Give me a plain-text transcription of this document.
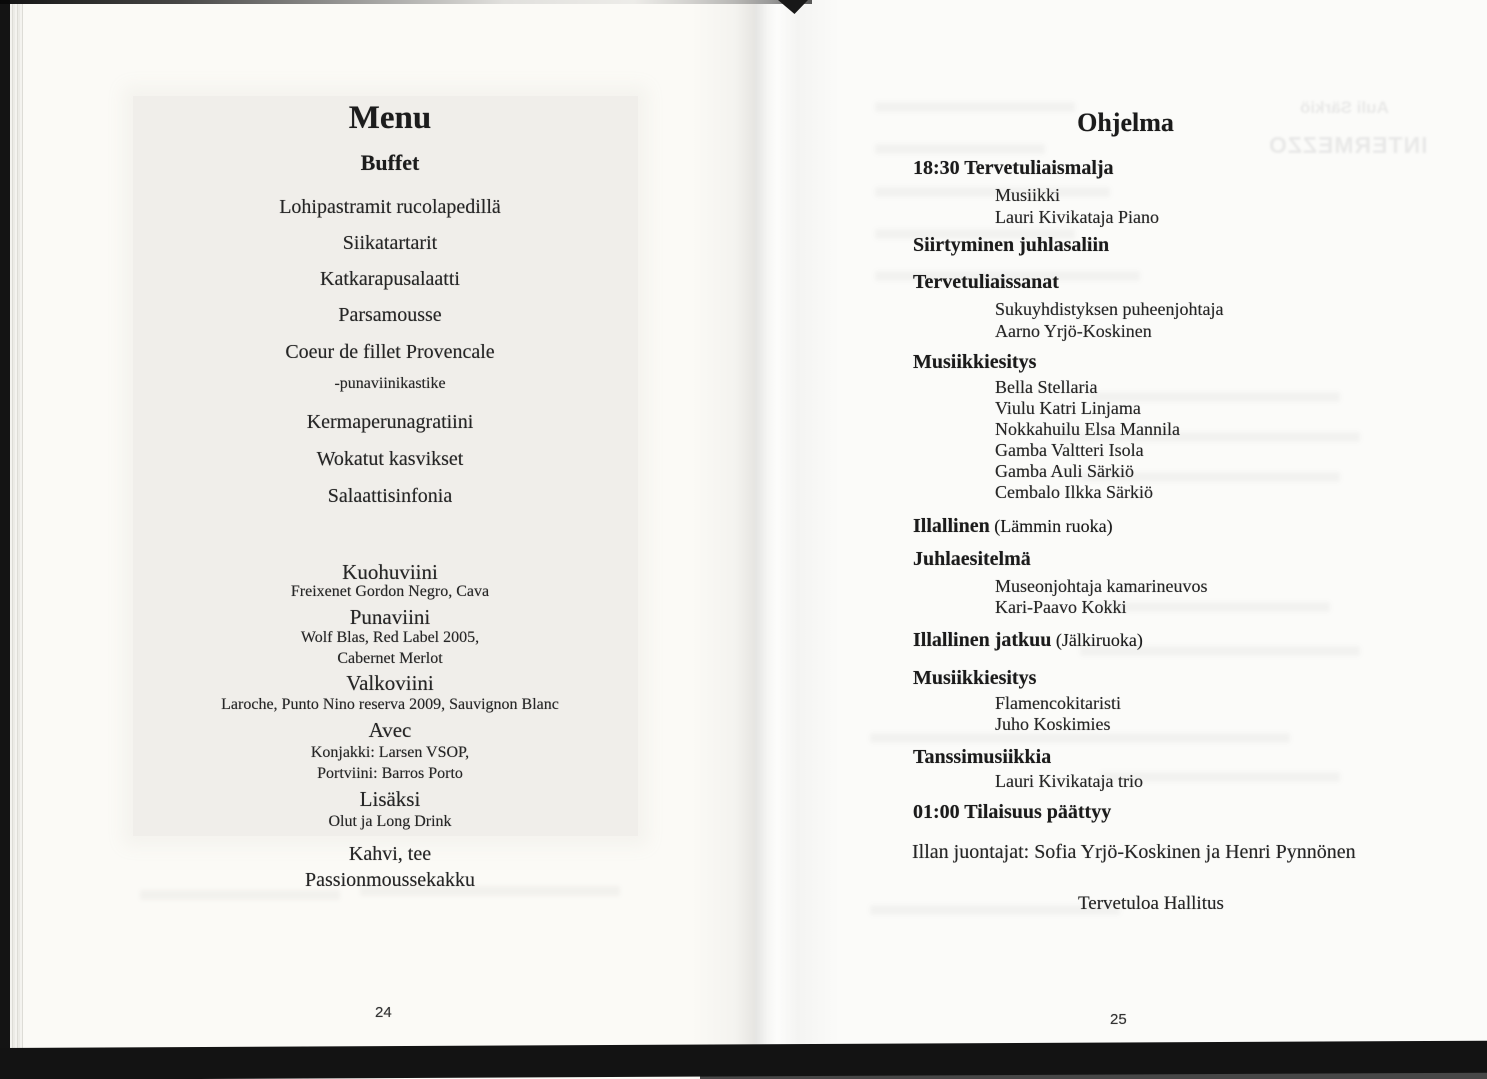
Auli Särkiö
INTERMEZZO
Menu
Buffet
Lohipastramit rucolapedillä
Siikatartarit
Katkarapusalaatti
Parsamousse
Coeur de fillet Provencale
-punaviinikastike
Kermaperunagratiini
Wokatut kasvikset
Salaattisinfonia
Kuohuviini
Freixenet Gordon Negro, Cava
Punaviini
Wolf Blas, Red Label 2005,
Cabernet Merlot
Valkoviini
Laroche, Punto Nino reserva 2009, Sauvignon Blanc
Avec
Konjakki: Larsen VSOP,
Portviini: Barros Porto
Lisäksi
Olut ja Long Drink
Kahvi, tee
Passionmoussekakku
24
Ohjelma
18:30 Tervetuliaismalja
Musiikki
Lauri Kivikataja Piano
Siirtyminen juhlasaliin
Tervetuliaissanat
Sukuyhdistyksen puheenjohtaja
Aarno Yrjö-Koskinen
Musiikkiesitys
Bella Stellaria
Viulu Katri Linjama
Nokkahuilu Elsa Mannila
Gamba Valtteri Isola
Gamba Auli Särkiö
Cembalo Ilkka Särkiö
Illallinen (Lämmin ruoka)
Juhlaesitelmä
Museonjohtaja kamarineuvos
Kari-Paavo Kokki
Illallinen jatkuu (Jälkiruoka)
Musiikkiesitys
Flamencokitaristi
Juho Koskimies
Tanssimusiikkia
Lauri Kivikataja trio
01:00 Tilaisuus päättyy
Illan juontajat: Sofia Yrjö-Koskinen ja Henri Pynnönen
Tervetuloa Hallitus
25
